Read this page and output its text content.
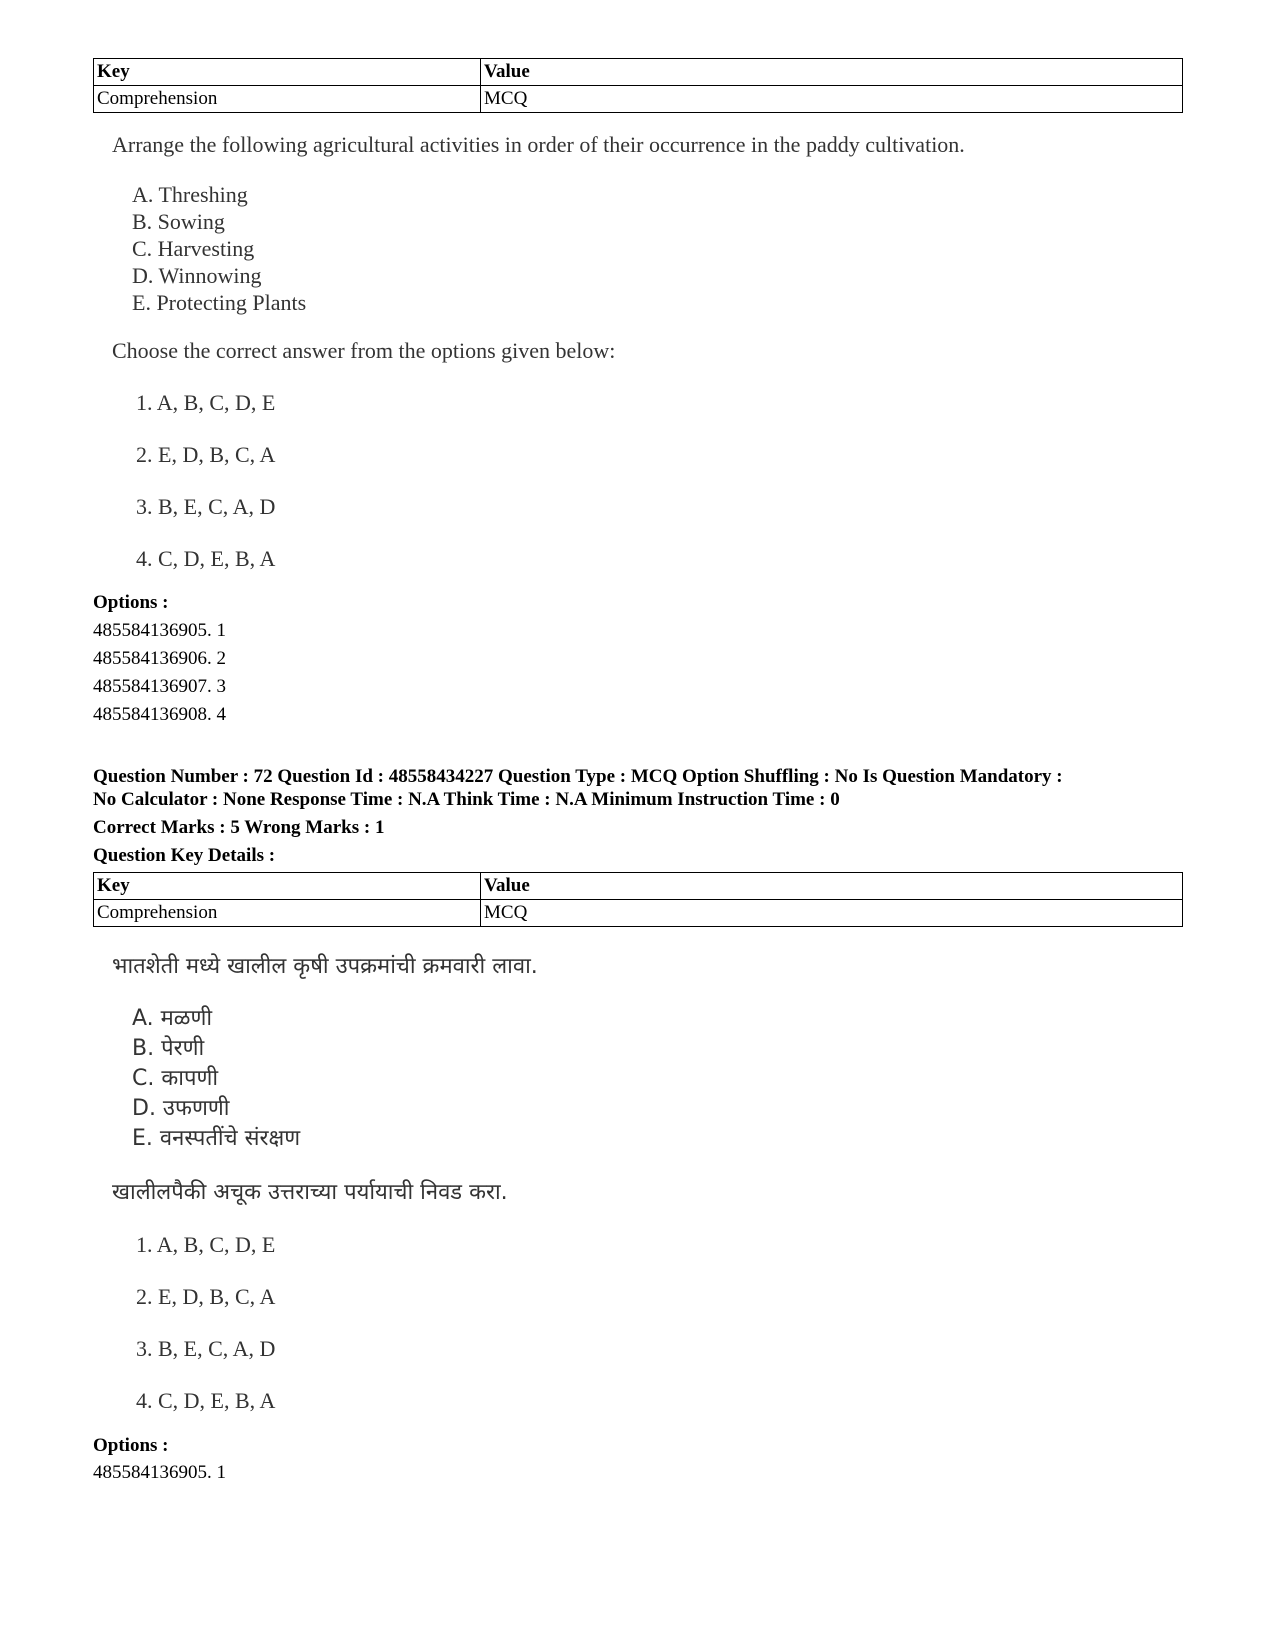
Key	Value
Comprehension	MCQ
Arrange the following agricultural activities in order of their occurrence in the paddy cultivation.
A. Threshing
B. Sowing
C. Harvesting
D. Winnowing
E. Protecting Plants
Choose the correct answer from the options given below:
1. A, B, C, D, E
2. E, D, B, C, A
3. B, E, C, A, D
4. C, D, E, B, A
Options :
485584136905. 1
485584136906. 2
485584136907. 3
485584136908. 4
Question Number : 72 Question Id : 48558434227 Question Type : MCQ Option Shuffling : No Is Question Mandatory :
No Calculator : None Response Time : N.A Think Time : N.A Minimum Instruction Time : 0
Correct Marks : 5 Wrong Marks : 1
Question Key Details :
Key	Value
Comprehension	MCQ
भातशेती मध्ये खालील कृषी उपक्रमांची क्रमवारी लावा.
A. मळणी
B. पेरणी
C. कापणी
D. उफणणी
E. वनस्पतींचे संरक्षण
खालीलपैकी अचूक उत्तराच्या पर्यायाची निवड करा.
1. A, B, C, D, E
2. E, D, B, C, A
3. B, E, C, A, D
4. C, D, E, B, A
Options :
485584136905. 1
